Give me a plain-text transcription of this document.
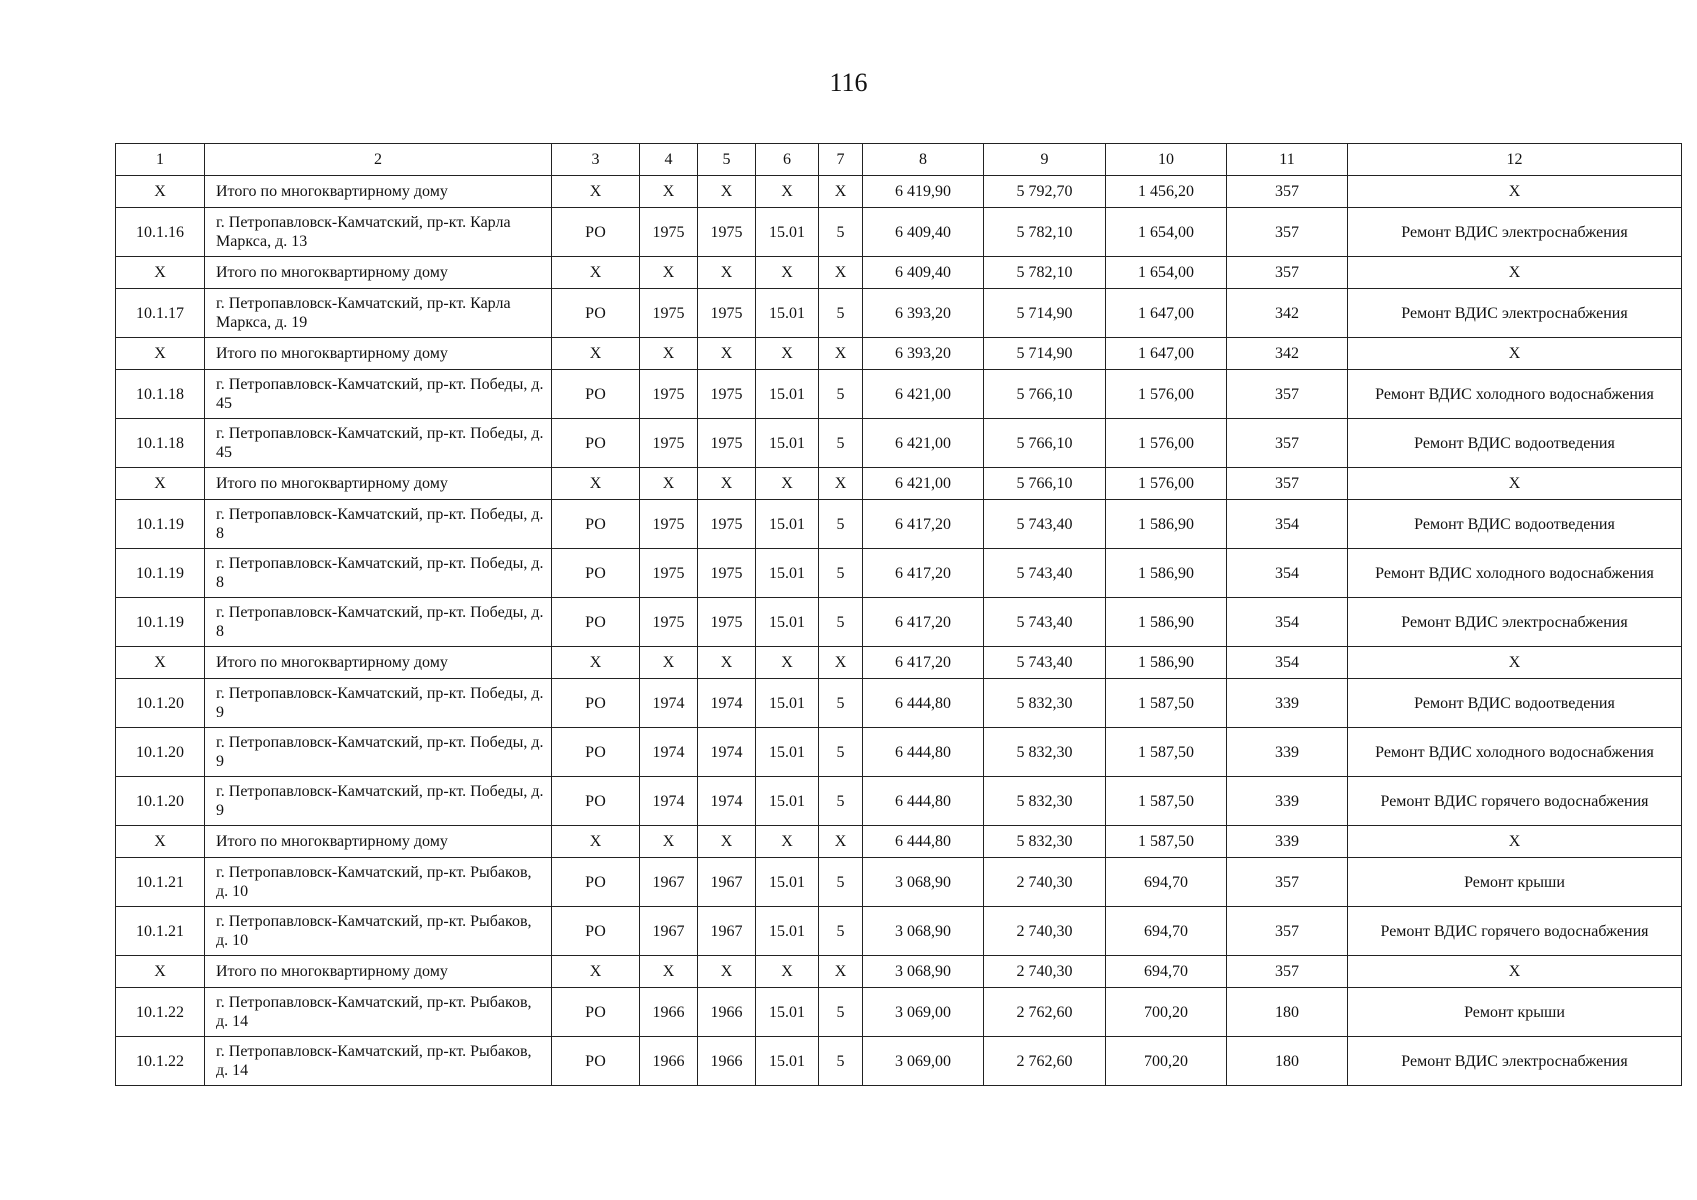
116
1	2	3	4	5	6	7	8	9	10	11	12
Х	Итого по многоквартирному дому	Х	Х	Х	Х	Х	6 419,90	5 792,70	1 456,20	357	Х
10.1.16	г. Петропавловск-Камчатский, пр-кт. Карла Маркса, д. 13	РО	1975	1975	15.01	5	6 409,40	5 782,10	1 654,00	357	Ремонт ВДИС электроснабжения
Х	Итого по многоквартирному дому	Х	Х	Х	Х	Х	6 409,40	5 782,10	1 654,00	357	Х
10.1.17	г. Петропавловск-Камчатский, пр-кт. Карла Маркса, д. 19	РО	1975	1975	15.01	5	6 393,20	5 714,90	1 647,00	342	Ремонт ВДИС электроснабжения
Х	Итого по многоквартирному дому	Х	Х	Х	Х	Х	6 393,20	5 714,90	1 647,00	342	Х
10.1.18	г. Петропавловск-Камчатский, пр-кт. Победы, д. 45	РО	1975	1975	15.01	5	6 421,00	5 766,10	1 576,00	357	Ремонт ВДИС холодного водоснабжения
10.1.18	г. Петропавловск-Камчатский, пр-кт. Победы, д. 45	РО	1975	1975	15.01	5	6 421,00	5 766,10	1 576,00	357	Ремонт ВДИС водоотведения
Х	Итого по многоквартирному дому	Х	Х	Х	Х	Х	6 421,00	5 766,10	1 576,00	357	Х
10.1.19	г. Петропавловск-Камчатский, пр-кт. Победы, д. 8	РО	1975	1975	15.01	5	6 417,20	5 743,40	1 586,90	354	Ремонт ВДИС водоотведения
10.1.19	г. Петропавловск-Камчатский, пр-кт. Победы, д. 8	РО	1975	1975	15.01	5	6 417,20	5 743,40	1 586,90	354	Ремонт ВДИС холодного водоснабжения
10.1.19	г. Петропавловск-Камчатский, пр-кт. Победы, д. 8	РО	1975	1975	15.01	5	6 417,20	5 743,40	1 586,90	354	Ремонт ВДИС электроснабжения
Х	Итого по многоквартирному дому	Х	Х	Х	Х	Х	6 417,20	5 743,40	1 586,90	354	Х
10.1.20	г. Петропавловск-Камчатский, пр-кт. Победы, д. 9	РО	1974	1974	15.01	5	6 444,80	5 832,30	1 587,50	339	Ремонт ВДИС водоотведения
10.1.20	г. Петропавловск-Камчатский, пр-кт. Победы, д. 9	РО	1974	1974	15.01	5	6 444,80	5 832,30	1 587,50	339	Ремонт ВДИС холодного водоснабжения
10.1.20	г. Петропавловск-Камчатский, пр-кт. Победы, д. 9	РО	1974	1974	15.01	5	6 444,80	5 832,30	1 587,50	339	Ремонт ВДИС горячего водоснабжения
Х	Итого по многоквартирному дому	Х	Х	Х	Х	Х	6 444,80	5 832,30	1 587,50	339	Х
10.1.21	г. Петропавловск-Камчатский, пр-кт. Рыбаков, д. 10	РО	1967	1967	15.01	5	3 068,90	2 740,30	694,70	357	Ремонт крыши
10.1.21	г. Петропавловск-Камчатский, пр-кт. Рыбаков, д. 10	РО	1967	1967	15.01	5	3 068,90	2 740,30	694,70	357	Ремонт ВДИС горячего водоснабжения
Х	Итого по многоквартирному дому	Х	Х	Х	Х	Х	3 068,90	2 740,30	694,70	357	Х
10.1.22	г. Петропавловск-Камчатский, пр-кт. Рыбаков, д. 14	РО	1966	1966	15.01	5	3 069,00	2 762,60	700,20	180	Ремонт крыши
10.1.22	г. Петропавловск-Камчатский, пр-кт. Рыбаков, д. 14	РО	1966	1966	15.01	5	3 069,00	2 762,60	700,20	180	Ремонт ВДИС электроснабжения
